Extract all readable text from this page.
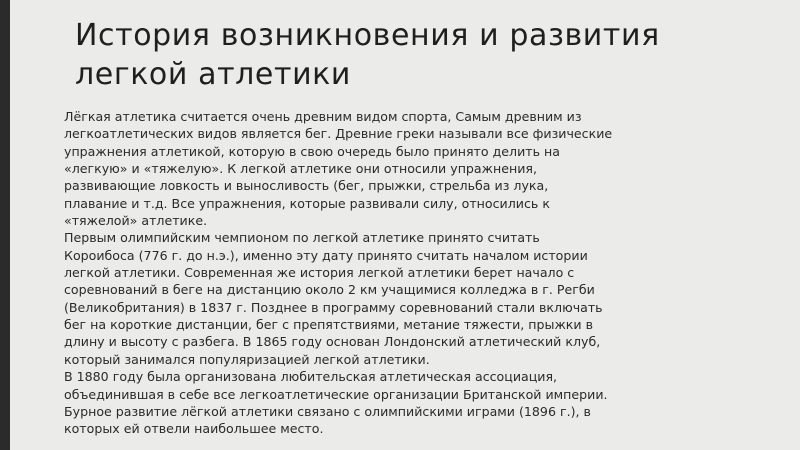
История возникновения и развития
легкой атлетики

Лёгкая атлетика считается очень древним видом спорта, Самым древним из
легкоатлетических видов является бег. Древние греки называли все физические
упражнения атлетикой, которую в свою очередь было принято делить на
«легкую» и «тяжелую». К легкой атлетике они относили упражнения,
развивающие ловкость и выносливость (бег, прыжки, стрельба из лука,
плавание и т.д. Все упражнения, которые развивали силу, относились к
«тяжелой» атлетике.
Первым олимпийским чемпионом по легкой атлетике принято считать
Короибоса (776 г. до н.э.), именно эту дату принято считать началом истории
легкой атлетики. Современная же история легкой атлетики берет начало с
соревнований в беге на дистанцию около 2 км учащимися колледжа в г. Регби
(Великобритания) в 1837 г. Позднее в программу соревнований стали включать
бег на короткие дистанции, бег с препятствиями, метание тяжести, прыжки в
длину и высоту с разбега. В 1865 году основан Лондонский атлетический клуб,
который занимался популяризацией легкой атлетики.
В 1880 году была организована любительская атлетическая ассоциация,
объединившая в себе все легкоатлетические организации Британской империи.
Бурное развитие лёгкой атлетики связано с олимпийскими играми (1896 г.), в
которых ей отвели наибольшее место.
